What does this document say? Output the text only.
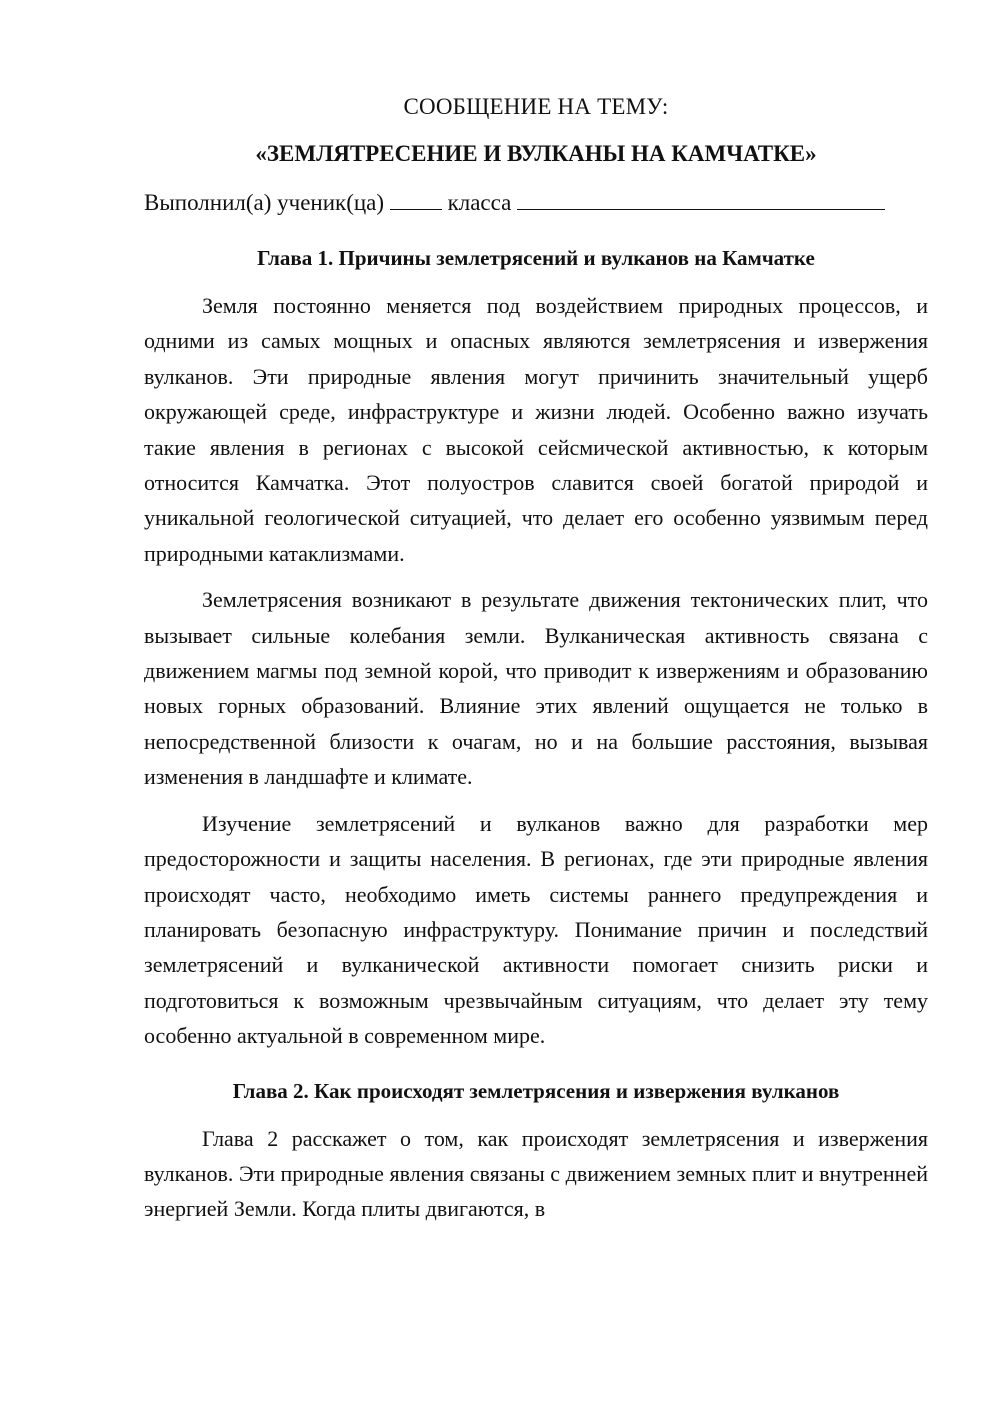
СООБЩЕНИЕ НА ТЕМУ:

«ЗЕМЛЯТРЕСЕНИЕ И ВУЛКАНЫ НА КАМЧАТКЕ»

Выполнил(а) ученик(ца)	класса

Глава 1. Причины землетрясений и вулканов на Камчатке

Земля постоянно меняется под воздействием природных процессов, и одними из самых мощных и опасных являются землетрясения и извержения вулканов. Эти природные явления могут причинить значительный ущерб окружающей среде, инфраструктуре и жизни людей. Особенно важно изучать такие явления в регионах с высокой сейсмической активностью, к которым относится Камчатка. Этот полуостров славится своей богатой природой и уникальной геологической ситуацией, что делает его особенно уязвимым перед природными катаклизмами.

Землетрясения возникают в результате движения тектонических плит, что вызывает сильные колебания земли. Вулканическая активность связана с движением магмы под земной корой, что приводит к извержениям и образованию новых горных образований. Влияние этих явлений ощущается не только в непосредственной близости к очагам, но и на большие расстояния, вызывая изменения в ландшафте и климате.

Изучение землетрясений и вулканов важно для разработки мер предосторожности и защиты населения. В регионах, где эти природные явления происходят часто, необходимо иметь системы раннего предупреждения и планировать безопасную инфраструктуру. Понимание причин и последствий землетрясений и вулканической активности помогает снизить риски и подготовиться к возможным чрезвычайным ситуациям, что делает эту тему особенно актуальной в современном мире.

Глава 2. Как происходят землетрясения и извержения вулканов

Глава 2 расскажет о том, как происходят землетрясения и извержения вулканов. Эти природные явления связаны с движением земных плит и внутренней энергией Земли. Когда плиты двигаются, в
